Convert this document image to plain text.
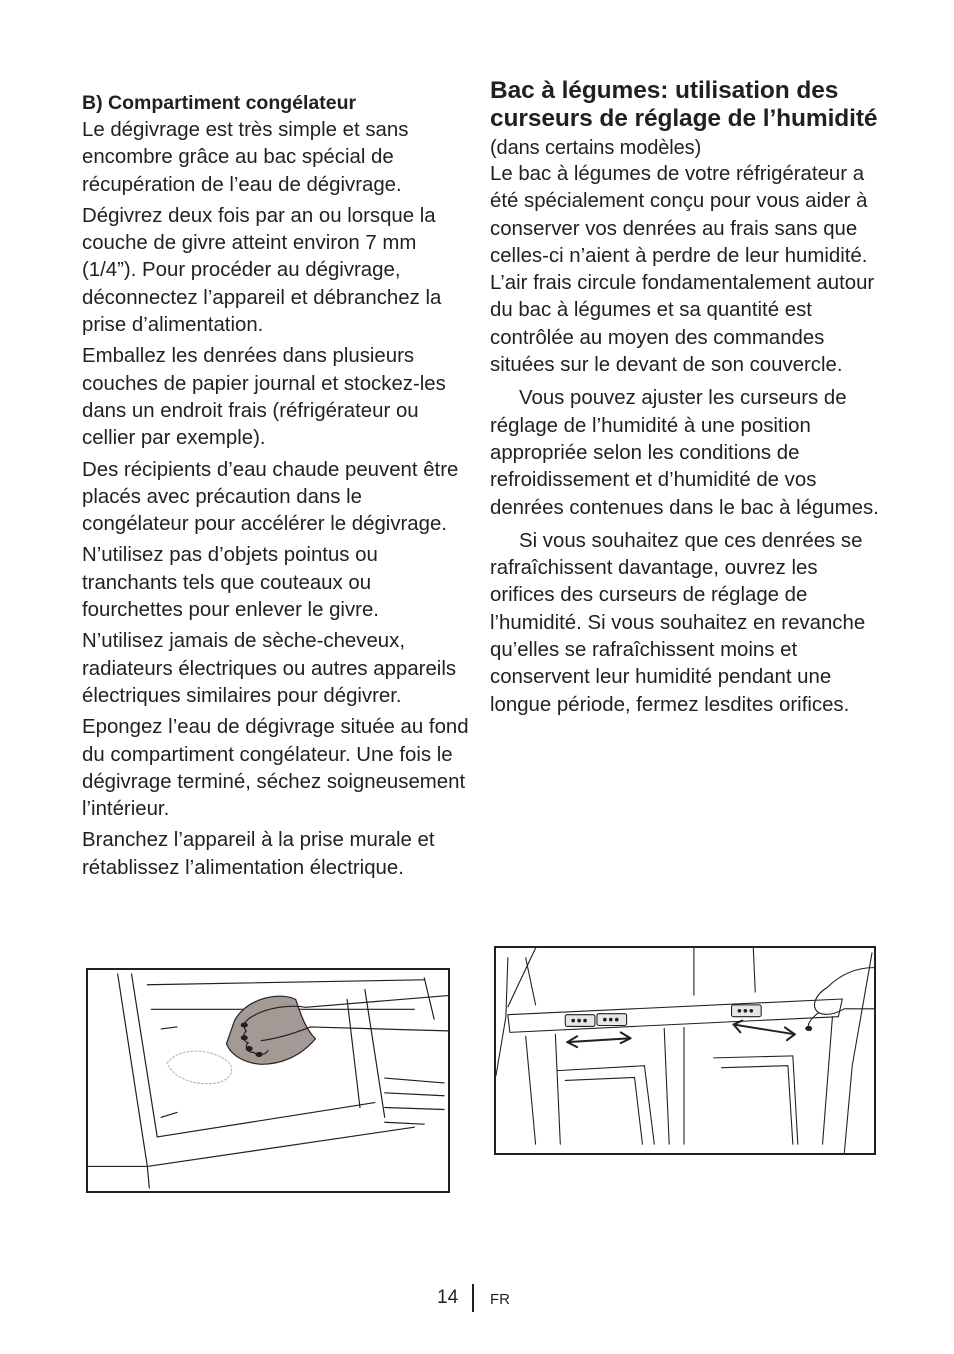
B) Compartiment congélateur

Le dégivrage est très simple et sans encombre grâce au bac spécial de récupération de l’eau de dégivrage.

Dégivrez deux fois par an ou lorsque la couche de givre atteint environ 7 mm (1/4”). Pour procéder au dégivrage, déconnectez l’appareil et débranchez la prise d’alimentation.

Emballez les denrées dans plusieurs couches de papier journal et stockez-les dans un endroit frais (réfrigérateur ou cellier par exemple).

Des récipients d’eau chaude peuvent être placés avec précaution dans le congélateur pour accélérer le dégivrage.

N’utilisez pas d’objets pointus ou tranchants tels que couteaux ou fourchettes pour enlever le givre.

N’utilisez jamais de sèche-cheveux, radiateurs électriques ou autres appareils électriques similaires pour dégivrer.

Epongez l’eau de dégivrage située au fond du compartiment congélateur. Une fois le dégivrage terminé, séchez soigneusement l’intérieur.

Branchez l’appareil à la prise murale et rétablissez l’alimentation électrique.

Bac à légumes: utilisation des curseurs de réglage de l’humidité (dans certains modèles)

Le bac à légumes de votre réfrigérateur a été spécialement conçu pour vous aider à conserver vos denrées au frais sans que celles-ci n’aient à perdre de leur humidité. L’air frais circule fondamentalement autour du bac à légumes et sa quantité est contrôlée au moyen des commandes situées sur le devant de son couvercle.

Vous pouvez ajuster les curseurs de réglage de l’humidité à une position appropriée selon les conditions de refroidissement et d’humidité de vos denrées contenues dans le bac à légumes.

Si vous souhaitez que ces denrées se rafraîchissent davantage, ouvrez les orifices des curseurs de réglage de l’humidité. Si vous souhaitez en revanche qu’elles se rafraîchissent moins et conservent leur humidité pendant une longue période, fermez lesdites orifices.

14 FR
